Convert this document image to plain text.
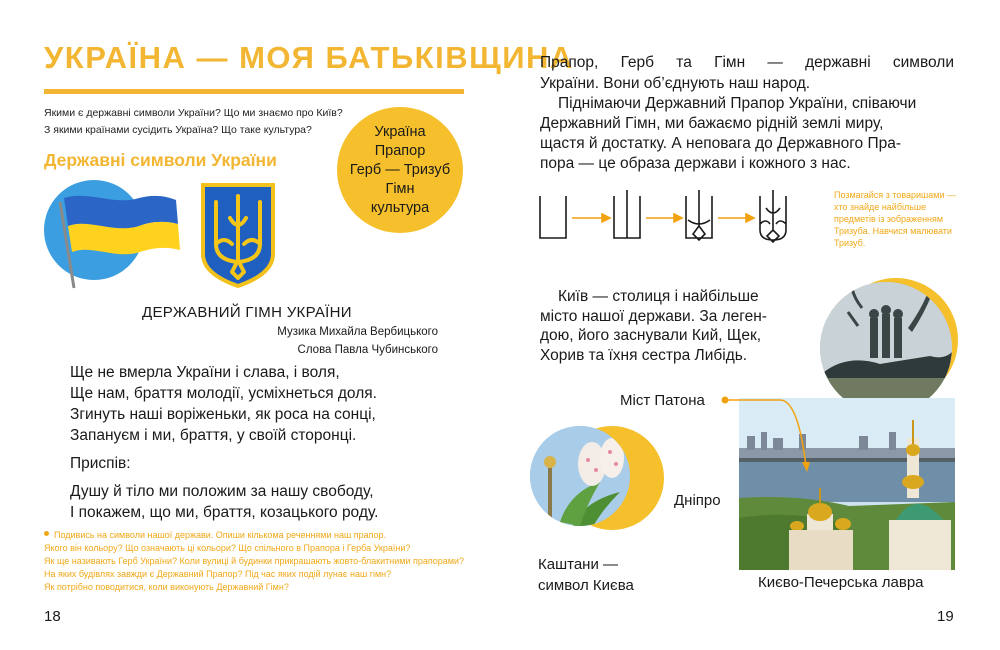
УКРАЇНА — МОЯ БАТЬКІВЩИНА
Якими є державні символи України? Що ми знаємо про Київ?
З якими країнами сусідить Україна? Що таке культура?
Державні символи України
Україна
Прапор
Герб — Тризуб
Гімн
культура
ДЕРЖАВНИЙ ГІМН УКРАЇНИ
Музика Михайла Вербицького
Слова Павла Чубинського
Ще не вмерла України і слава, і воля,
Ще нам, браття молодії, усміхнеться доля.
Згинуть наші воріженьки, як роса на сонці,
Запануєм і ми, браття, у своїй сторонці.
Приспів:
Душу й тіло ми положим за нашу свободу,
І покажем, що ми, браття, козацького роду.
Подивись на символи нашої держави. Опиши кількома реченнями наш прапор.
Якого він кольору? Що означають ці кольори? Що спільного в Прапора і Герба України?
Як ще називають Герб України? Коли вулиці й будинки прикрашають жовто-блакитними прапорами?
На яких будівлях завжди є Державний Прапор? Під час яких подій лунає наш гімн?
Як потрібно поводитися, коли виконують Державний Гімн?
18
Прапор, Герб та Гімн — державні символи
України. Вони об’єднують наш народ.
Піднімаючи Державний Прапор України, співаючи
Державний Гімн, ми бажаємо рідній землі миру,
щастя й достатку. А неповага до Державного Пра-
пора — це образа держави і кожного з нас.
Позмагайся з товаришами —
хто знайде найбільше
предметів із зображенням
Тризуба. Навчися малювати
Тризуб.
Київ — столиця і найбільше
місто нашої держави. За леген-
дою, його заснували Кий, Щек,
Хорив та їхня сестра Либідь.
Міст Патона
Дніпро
Каштани —
символ Києва	Києво-Печерська лавра
19
